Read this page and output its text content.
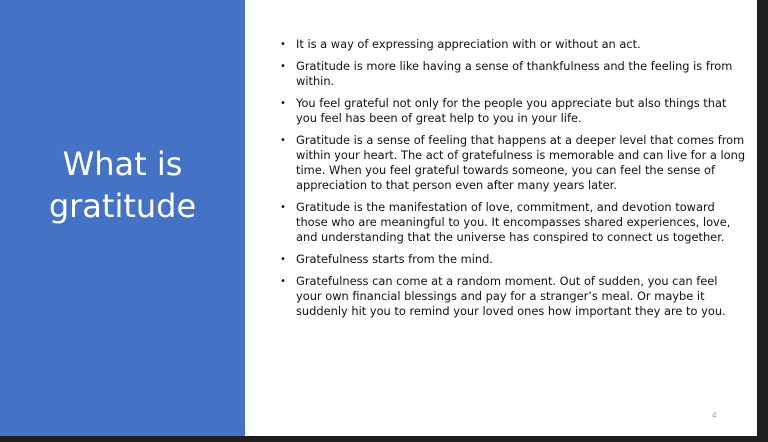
What is
gratitude
• It is a way of expressing appreciation with or without an act.
• Gratitude is more like having a sense of thankfulness and the feeling is from within.
• You feel grateful not only for the people you appreciate but also things that you feel has been of great help to you in your life.
• Gratitude is a sense of feeling that happens at a deeper level that comes from within your heart. The act of gratefulness is memorable and can live for a long time. When you feel grateful towards someone, you can feel the sense of appreciation to that person even after many years later.
• Gratitude is the manifestation of love, commitment, and devotion toward those who are meaningful to you. It encompasses shared experiences, love, and understanding that the universe has conspired to connect us together.
• Gratefulness starts from the mind.
• Gratefulness can come at a random moment. Out of sudden, you can feel your own financial blessings and pay for a stranger’s meal. Or maybe it suddenly hit you to remind your loved ones how important they are to you.
4
